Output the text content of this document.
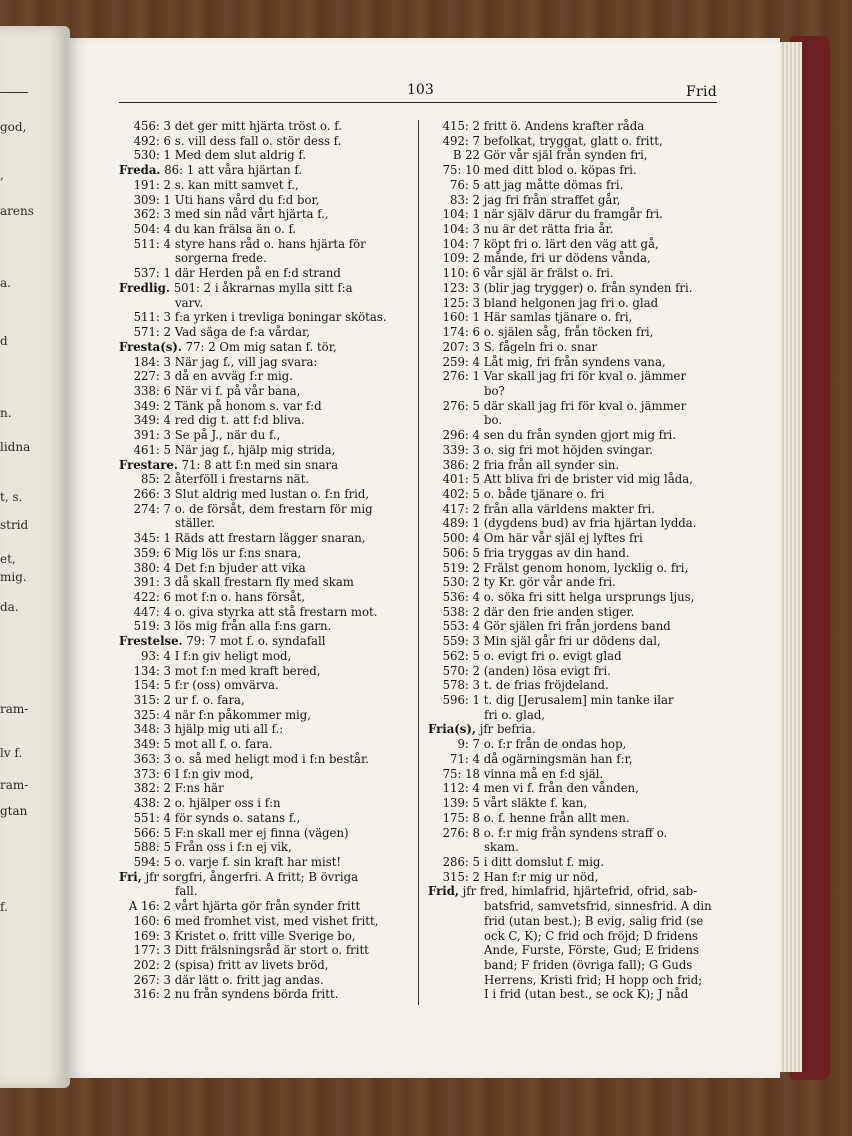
god,
,
arens
a.
d
n.
lidna
t, s.
strid
et,
mig.
da.
ram-
lv f.
ram-
gtan
f.
103	Frid
456: 3 det ger mitt hjärta tröst o. f.
492: 6 s. vill dess fall o. stör dess f.
530: 1 Med dem slut aldrig f.
Freda. 86: 1 att våra hjärtan f.
191: 2 s. kan mitt samvet f.,
309: 1 Uti hans vård du f:d bor,
362: 3 med sin nåd vårt hjärta f.,
504: 4 du kan frälsa än o. f.
511: 4 styre hans råd o. hans hjärta för
sorgerna frede.
537: 1 där Herden på en f:d strand
Fredlig. 501: 2 i åkrarnas mylla sitt f:a
varv.
511: 3 f:a yrken i trevliga boningar skötas.
571: 2 Vad säga de f:a vårdar,
Fresta(s). 77: 2 Om mig satan f. tör,
184: 3 När jag f., vill jag svara:
227: 3 då en avväg f:r mig.
338: 6 När vi f. på vår bana,
349: 2 Tänk på honom s. var f:d
349: 4 red dig t. att f:d bliva.
391: 3 Se på J., när du f.,
461: 5 När jag f., hjälp mig strida,
Frestare. 71: 8 att f:n med sin snara
85: 2 återföll i frestarns nät.
266: 3 Slut aldrig med lustan o. f:n frid,
274: 7 o. de försåt, dem frestarn för mig
ställer.
345: 1 Räds att frestarn lägger snaran,
359: 6 Mig lös ur f:ns snara,
380: 4 Det f:n bjuder att vika
391: 3 då skall frestarn fly med skam
422: 6 mot f:n o. hans försåt,
447: 4 o. giva styrka att stå frestarn mot.
519: 3 lös mig från alla f:ns garn.
Frestelse. 79: 7 mot f. o. syndafall
93: 4 I f:n giv heligt mod,
134: 3 mot f:n med kraft bered,
154: 5 f:r (oss) omvärva.
315: 2 ur f. o. fara,
325: 4 när f:n påkommer mig,
348: 3 hjälp mig uti all f.:
349: 5 mot all f. o. fara.
363: 3 o. så med heligt mod i f:n består.
373: 6 I f:n giv mod,
382: 2 F:ns här
438: 2 o. hjälper oss i f:n
551: 4 för synds o. satans f.,
566: 5 F:n skall mer ej finna (vägen)
588: 5 Från oss i f:n ej vik,
594: 5 o. varje f. sin kraft har mist!
Fri, jfr sorgfri, ångerfri. A fritt; B övriga
fall.
A 16: 2 vårt hjärta gör från synder fritt
160: 6 med fromhet vist, med vishet fritt,
169: 3 Kristet o. fritt ville Sverige bo,
177: 3 Ditt frälsningsråd är stort o. fritt
202: 2 (spisa) fritt av livets bröd,
267: 3 där lätt o. fritt jag andas.
316: 2 nu från syndens börda fritt.
415: 2 fritt ö. Andens krafter råda
492: 7 befolkat, tryggat, glatt o. fritt,
B 22 Gör vår själ från synden fri,
75: 10 med ditt blod o. köpas fri.
76: 5 att jag måtte dömas fri.
83: 2 jag fri från straffet går,
104: 1 när själv därur du framgår fri.
104: 3 nu är det rätta fria år.
104: 7 köpt fri o. lärt den väg att gå,
109: 2 månde, fri ur dödens vånda,
110: 6 vår själ är frälst o. fri.
123: 3 (blir jag trygger) o. från synden fri.
125: 3 bland helgonen jag fri o. glad
160: 1 Här samlas tjänare o. fri,
174: 6 o. själen såg, från töcken fri,
207: 3 S. fågeln fri o. snar
259: 4 Låt mig, fri från syndens vana,
276: 1 Var skall jag fri för kval o. jämmer
bo?
276: 5 där skall jag fri för kval o. jämmer
bo.
296: 4 sen du från synden gjort mig fri.
339: 3 o. sig fri mot höjden svingar.
386: 2 fria från all synder sin.
401: 5 Att bliva fri de brister vid mig låda,
402: 5 o. både tjänare o. fri
417: 2 från alla världens makter fri.
489: 1 (dygdens bud) av fria hjärtan lydda.
500: 4 Om här vår själ ej lyftes fri
506: 5 fria tryggas av din hand.
519: 2 Frälst genom honom, lycklig o. fri,
530: 2 ty Kr. gör vår ande fri.
536: 4 o. söka fri sitt helga ursprungs ljus,
538: 2 där den frie anden stiger.
553: 4 Gör själen fri från jordens band
559: 3 Min själ går fri ur dödens dal,
562: 5 o. evigt fri o. evigt glad
570: 2 (anden) lösa evigt fri.
578: 3 t. de frias fröjdeland.
596: 1 t. dig [Jerusalem] min tanke ilar
fri o. glad,
Fria(s), jfr befria.
9: 7 o. f:r från de ondas hop,
71: 4 då ogärningsmän han f:r,
75: 18 vinna må en f:d själ.
112: 4 men vi f. från den vånden,
139: 5 vårt släkte f. kan,
175: 8 o. f. henne från allt men.
276: 8 o. f:r mig från syndens straff o.
skam.
286: 5 i ditt domslut f. mig.
315: 2 Han f:r mig ur nöd,
Frid, jfr fred, himlafrid, hjärtefrid, ofrid, sab-
batsfrid, samvetsfrid, sinnesfrid. A din
frid (utan best.); B evig, salig frid (se
ock C, K); C frid och fröjd; D fridens
Ande, Furste, Förste, Gud; E fridens
band; F friden (övriga fall); G Guds
Herrens, Kristi frid; H hopp och frid;
I i frid (utan best., se ock K); J nåd
